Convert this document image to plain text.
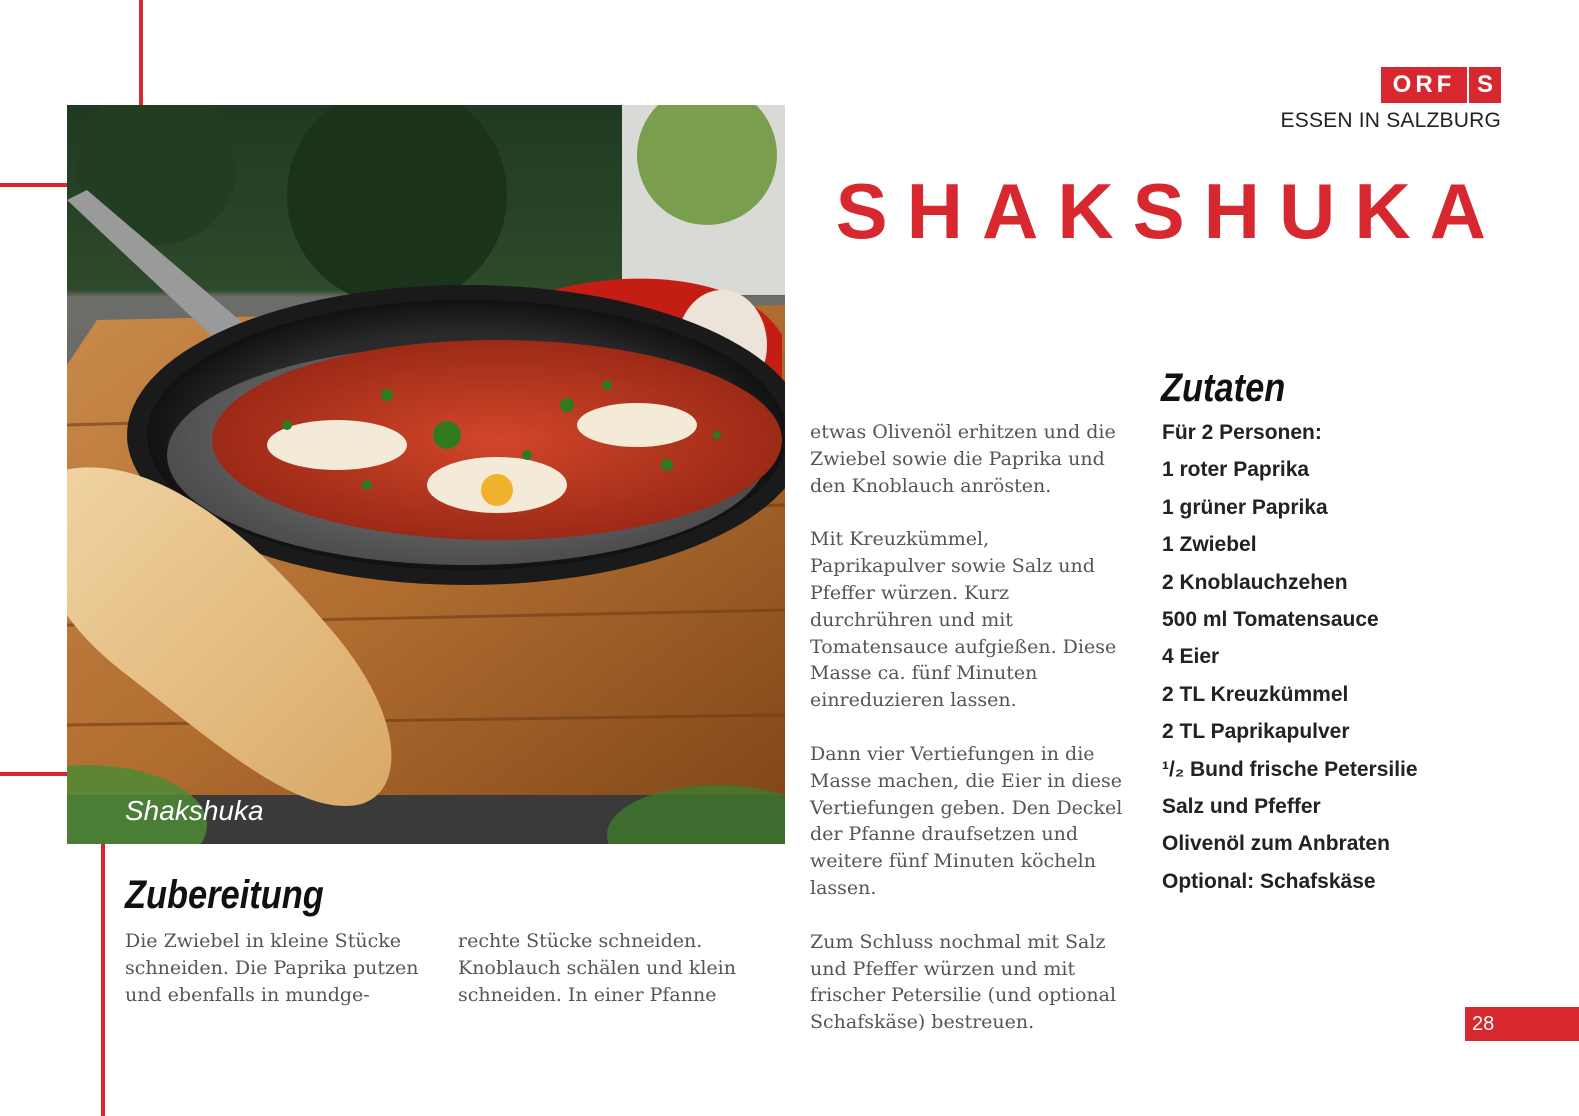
ORF S
ESSEN IN SALZBURG
SHAKSHUKA
Shakshuka
Zubereitung

Die Zwiebel in kleine Stücke schneiden. Die Paprika putzen und ebenfalls in mundge-

rechte Stücke schneiden. Knoblauch schälen und klein schneiden. In einer Pfanne

etwas Olivenöl erhitzen und die Zwiebel sowie die Paprika und den Knoblauch anrösten.

Mit Kreuzkümmel, Paprikapulver sowie Salz und Pfeffer würzen. Kurz durchrühren und mit Tomatensauce aufgießen. Diese Masse ca. fünf Minuten einreduzieren lassen.

Dann vier Vertiefungen in die Masse machen, die Eier in diese Vertiefungen geben. Den Deckel der Pfanne draufsetzen und weitere fünf Minuten köcheln lassen.

Zum Schluss nochmal mit Salz und Pfeffer würzen und mit frischer Petersilie (und optional Schafskäse) bestreuen.

Zutaten
Für 2 Personen:
1 roter Paprika
1 grüner Paprika
1 Zwiebel
2 Knoblauchzehen
500 ml Tomatensauce
4 Eier
2 TL Kreuzkümmel
2 TL Paprikapulver
¹/₂ Bund frische Petersilie
Salz und Pfeffer
Olivenöl zum Anbraten
Optional: Schafskäse
28
